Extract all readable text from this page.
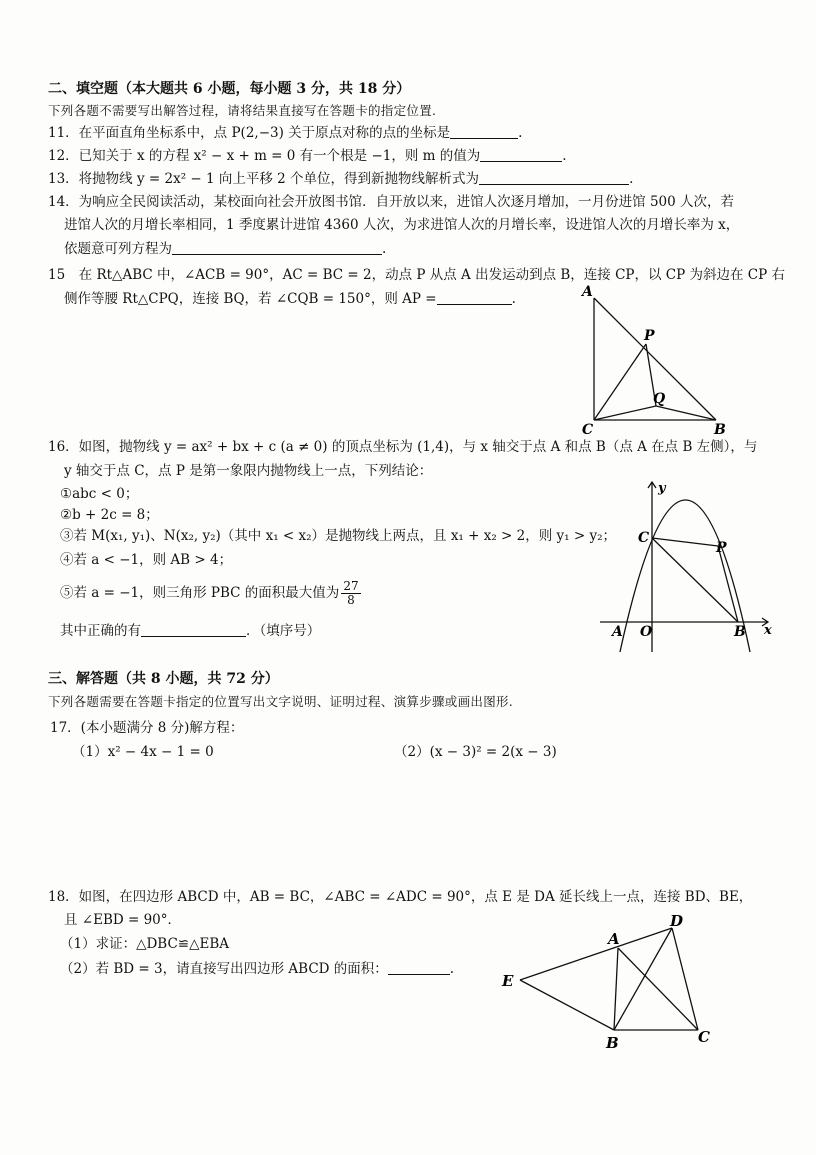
二、填空题（本大题共 6 小题，每小题 3 分，共 18 分）
下列各题不需要写出解答过程，请将结果直接写在答题卡的指定位置.
11．在平面直角坐标系中，点 P(2,−3) 关于原点对称的点的坐标是	.
12．已知关于 x 的方程 x² − x + m = 0 有一个根是 −1，则 m 的值为	.
13．将抛物线 y = 2x² − 1 向上平移 2 个单位，得到新抛物线解析式为	.
14．为响应全民阅读活动，某校面向社会开放图书馆．自开放以来，进馆人次逐月增加，一月份进馆 500 人次，若
进馆人次的月增长率相同，1 季度累计进馆 4360 人次，为求进馆人次的月增长率，设进馆人次的月增长率为 x，
依题意可列方程为	.
15　在 Rt△ABC 中，∠ACB = 90°，AC = BC = 2，动点 P 从点 A 出发运动到点 B，连接 CP，以 CP 为斜边在 CP 右
侧作等腰 Rt△CPQ，连接 BQ，若 ∠CQB = 150°，则 AP =	.	A
P
Q
C	B
16．如图，抛物线 y = ax² + bx + c (a ≠ 0) 的顶点坐标为 (1,4)，与 x 轴交于点 A 和点 B（点 A 在点 B 左侧），与
y 轴交于点 C，点 P 是第一象限内抛物线上一点，下列结论：
①abc < 0；
②b + 2c = 8；
③若 M(x₁, y₁)、N(x₂, y₂)（其中 x₁ < x₂）是抛物线上两点，且 x₁ + x₂ > 2，则 y₁ > y₂；
④若 a < −1，则 AB > 4；
⑤若 a = −1，则三角形 PBC 的面积最大值为 $\frac{27}{8}$
其中正确的有	．（填序号）
y
x
C
P
O
A	B
三、解答题（共 8 小题，共 72 分）
下列各题需要在答题卡指定的位置写出文字说明、证明过程、演算步骤或画出图形.
17．(本小题满分 8 分)解方程：
（1）x² − 4x − 1 = 0	（2）(x − 3)² = 2(x − 3)
18．如图，在四边形 ABCD 中，AB = BC，∠ABC = ∠ADC = 90°，点 E 是 DA 延长线上一点，连接 BD、BE，
且 ∠EBD = 90°．
（1）求证：△DBC≌△EBA
（2）若 BD = 3，请直接写出四边形 ABCD 的面积：	.
E
A
D
B	C
